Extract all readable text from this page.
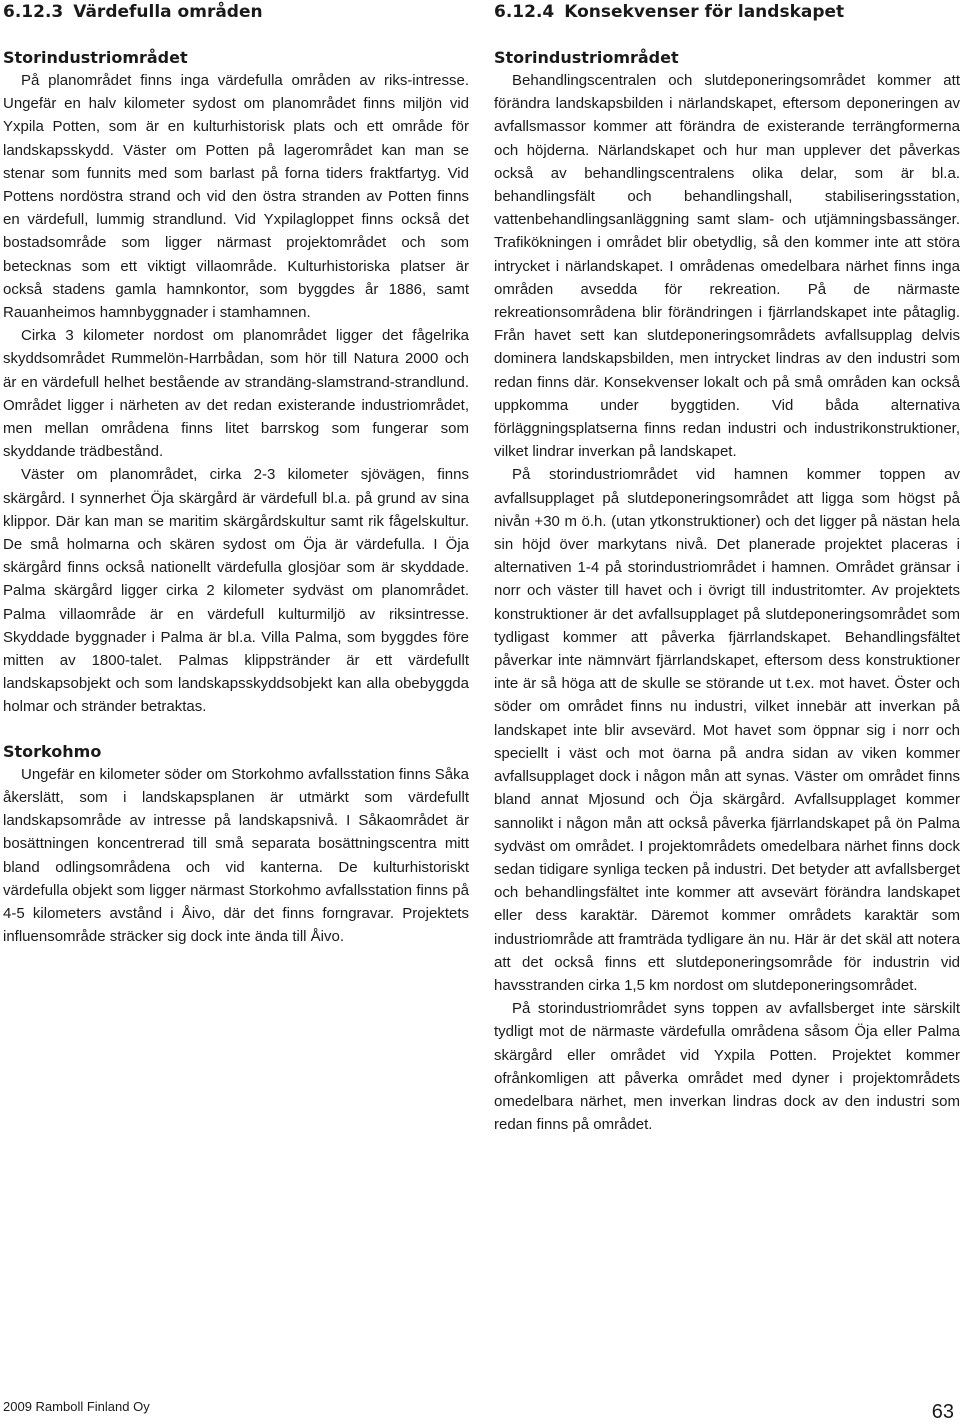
6.12.3 Värdefulla områden
Storindustriområdet

På planområdet finns inga värdefulla områden av riks-intresse. Ungefär en halv kilometer sydost om planområdet finns miljön vid Yxpila Potten, som är en kulturhistorisk plats och ett område för landskapsskydd. Väster om Potten på lagerområdet kan man se stenar som funnits med som barlast på forna tiders fraktfartyg. Vid Pottens nordöstra strand och vid den östra stranden av Potten finns en värdefull, lummig strandlund. Vid Yxpilagloppet finns också det bostadsområde som ligger närmast projektområdet och som betecknas som ett viktigt villaområde. Kulturhistoriska platser är också stadens gamla hamnkontor, som byggdes år 1886, samt Rauanheimos hamnbyggnader i stamhamnen.

Cirka 3 kilometer nordost om planområdet ligger det fågelrika skyddsområdet Rummelön-Harrbådan, som hör till Natura 2000 och är en värdefull helhet bestående av strandäng-slamstrand-strandlund. Området ligger i närheten av det redan existerande industriområdet, men mellan områdena finns litet barrskog som fungerar som skyddande trädbestånd.

Väster om planområdet, cirka 2-3 kilometer sjövägen, finns skärgård. I synnerhet Öja skärgård är värdefull bl.a. på grund av sina klippor. Där kan man se maritim skärgårdskultur samt rik fågelskultur. De små holmarna och skären sydost om Öja är värdefulla. I Öja skärgård finns också nationellt värdefulla glosjöar som är skyddade. Palma skärgård ligger cirka 2 kilometer sydväst om planområdet. Palma villaområde är en värdefull kulturmiljö av riksintresse. Skyddade byggnader i Palma är bl.a. Villa Palma, som byggdes före mitten av 1800-talet. Palmas klippstränder är ett värdefullt landskapsobjekt och som landskapsskyddsobjekt kan alla obebyggda holmar och stränder betraktas.

Storkohmo

Ungefär en kilometer söder om Storkohmo avfallsstation finns Såka åkerslätt, som i landskapsplanen är utmärkt som värdefullt landskapsområde av intresse på landskapsnivå. I Såkaområdet är bosättningen koncentrerad till små separata bosättningscentra mitt bland odlingsområdena och vid kanterna. De kulturhistoriskt värdefulla objekt som ligger närmast Storkohmo avfallsstation finns på 4-5 kilometers avstånd i Åivo, där det finns forngravar. Projektets influensområde sträcker sig dock inte ända till Åivo.

6.12.4 Konsekvenser för landskapet
Storindustriområdet

Behandlingscentralen och slutdeponeringsområdet kommer att förändra landskapsbilden i närlandskapet, eftersom deponeringen av avfallsmassor kommer att förändra de existerande terrängformerna och höjderna. Närlandskapet och hur man upplever det påverkas också av behandlingscentralens olika delar, som är bl.a. behandlingsfält och behandlingshall, stabiliseringsstation, vattenbehandlingsanläggning samt slam- och utjämningsbassänger. Trafikökningen i området blir obetydlig, så den kommer inte att störa intrycket i närlandskapet. I områdenas omedelbara närhet finns inga områden avsedda för rekreation. På de närmaste rekreationsområdena blir förändringen i fjärrlandskapet inte påtaglig. Från havet sett kan slutdeponeringsområdets avfallsupplag delvis dominera landskapsbilden, men intrycket lindras av den industri som redan finns där. Konsekvenser lokalt och på små områden kan också uppkomma under byggtiden. Vid båda alternativa förläggningsplatserna finns redan industri och industrikonstruktioner, vilket lindrar inverkan på landskapet.

På storindustriområdet vid hamnen kommer toppen av avfallsupplaget på slutdeponeringsområdet att ligga som högst på nivån +30 m ö.h. (utan ytkonstruktioner) och det ligger på nästan hela sin höjd över markytans nivå. Det planerade projektet placeras i alternativen 1-4 på storindustriområdet i hamnen. Området gränsar i norr och väster till havet och i övrigt till industritomter. Av projektets konstruktioner är det avfallsupplaget på slutdeponeringsområdet som tydligast kommer att påverka fjärrlandskapet. Behandlingsfältet påverkar inte nämnvärt fjärrlandskapet, eftersom dess konstruktioner inte är så höga att de skulle se störande ut t.ex. mot havet. Öster och söder om området finns nu industri, vilket innebär att inverkan på landskapet inte blir avsevärd. Mot havet som öppnar sig i norr och speciellt i väst och mot öarna på andra sidan av viken kommer avfallsupplaget dock i någon mån att synas. Väster om området finns bland annat Mjosund och Öja skärgård. Avfallsupplaget kommer sannolikt i någon mån att också påverka fjärrlandskapet på ön Palma sydväst om området. I projektområdets omedelbara närhet finns dock sedan tidigare synliga tecken på industri. Det betyder att avfallsberget och behandlingsfältet inte kommer att avsevärt förändra landskapet eller dess karaktär. Däremot kommer områdets karaktär som industriområde att framträda tydligare än nu. Här är det skäl att notera att det också finns ett slutdeponeringsområde för industrin vid havsstranden cirka 1,5 km nordost om slutdeponeringsområdet.

På storindustriområdet syns toppen av avfallsberget inte särskilt tydligt mot de närmaste värdefulla områdena såsom Öja eller Palma skärgård eller området vid Yxpila Potten. Projektet kommer ofrånkomligen att påverka området med dyner i projektområdets omedelbara närhet, men inverkan lindras dock av den industri som redan finns på området.

2009 Ramboll Finland Oy	63
